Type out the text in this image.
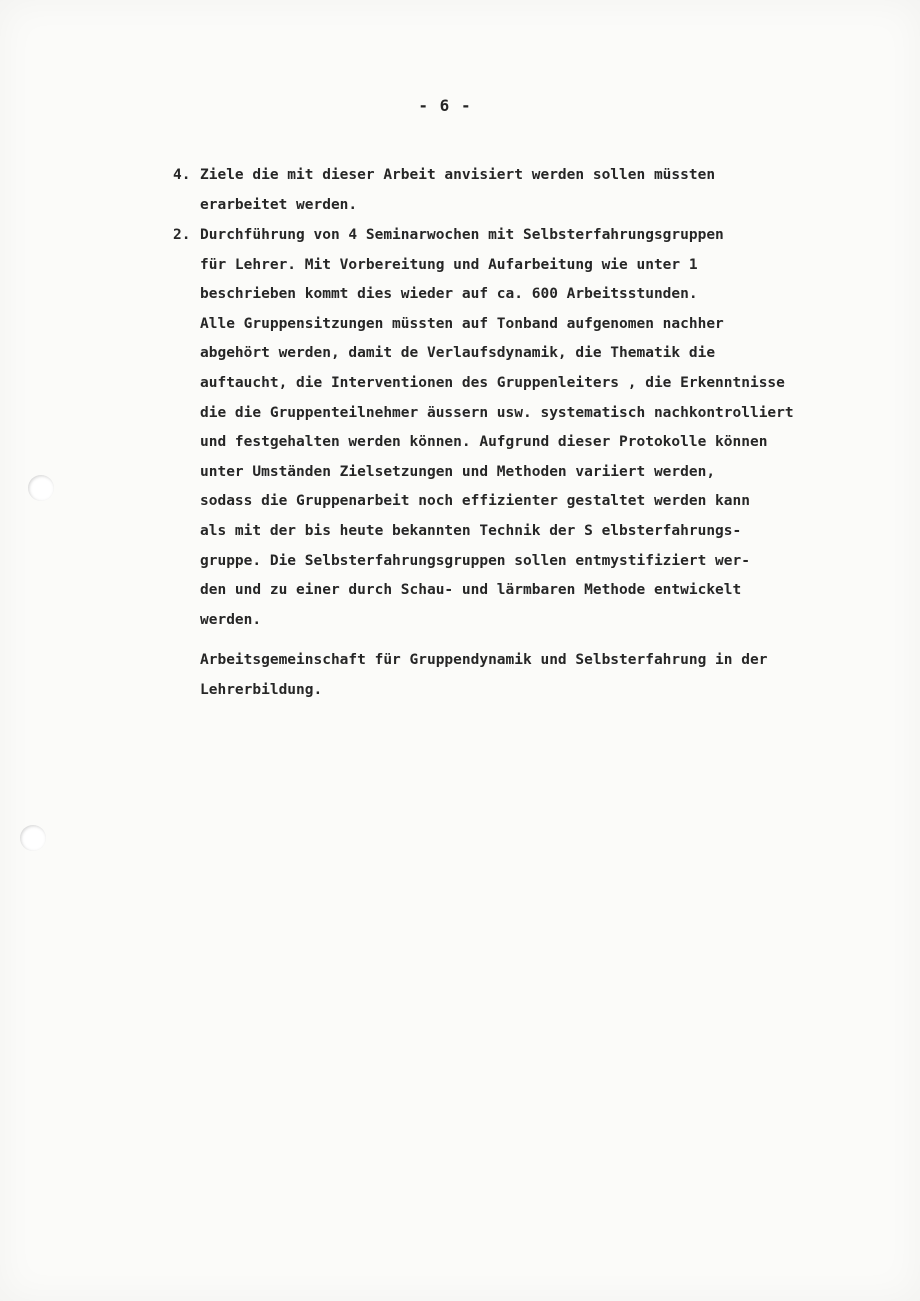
- 6 -
4. Ziele die mit dieser Arbeit anvisiert werden sollen müssten
erarbeitet werden.
2. Durchführung von 4 Seminarwochen mit Selbsterfahrungsgruppen
für Lehrer. Mit Vorbereitung und Aufarbeitung wie unter 1
beschrieben kommt dies wieder auf ca. 600 Arbeitsstunden.
Alle Gruppensitzungen müssten auf Tonband aufgenomen nachher
abgehört werden, damit de Verlaufsdynamik, die Thematik die
auftaucht, die Interventionen des Gruppenleiters , die Erkenntnisse
die die Gruppenteilnehmer äussern usw. systematisch nachkontrolliert
und festgehalten werden können. Aufgrund dieser Protokolle können
unter Umständen Zielsetzungen und Methoden variiert werden,
sodass die Gruppenarbeit noch effizienter gestaltet werden kann
als mit der bis heute bekannten Technik der S elbsterfahrungs-
gruppe. Die Selbsterfahrungsgruppen sollen entmystifiziert wer-
den und zu einer durch Schau- und lärmbaren Methode entwickelt
werden.
Arbeitsgemeinschaft für Gruppendynamik und Selbsterfahrung in der
Lehrerbildung.
